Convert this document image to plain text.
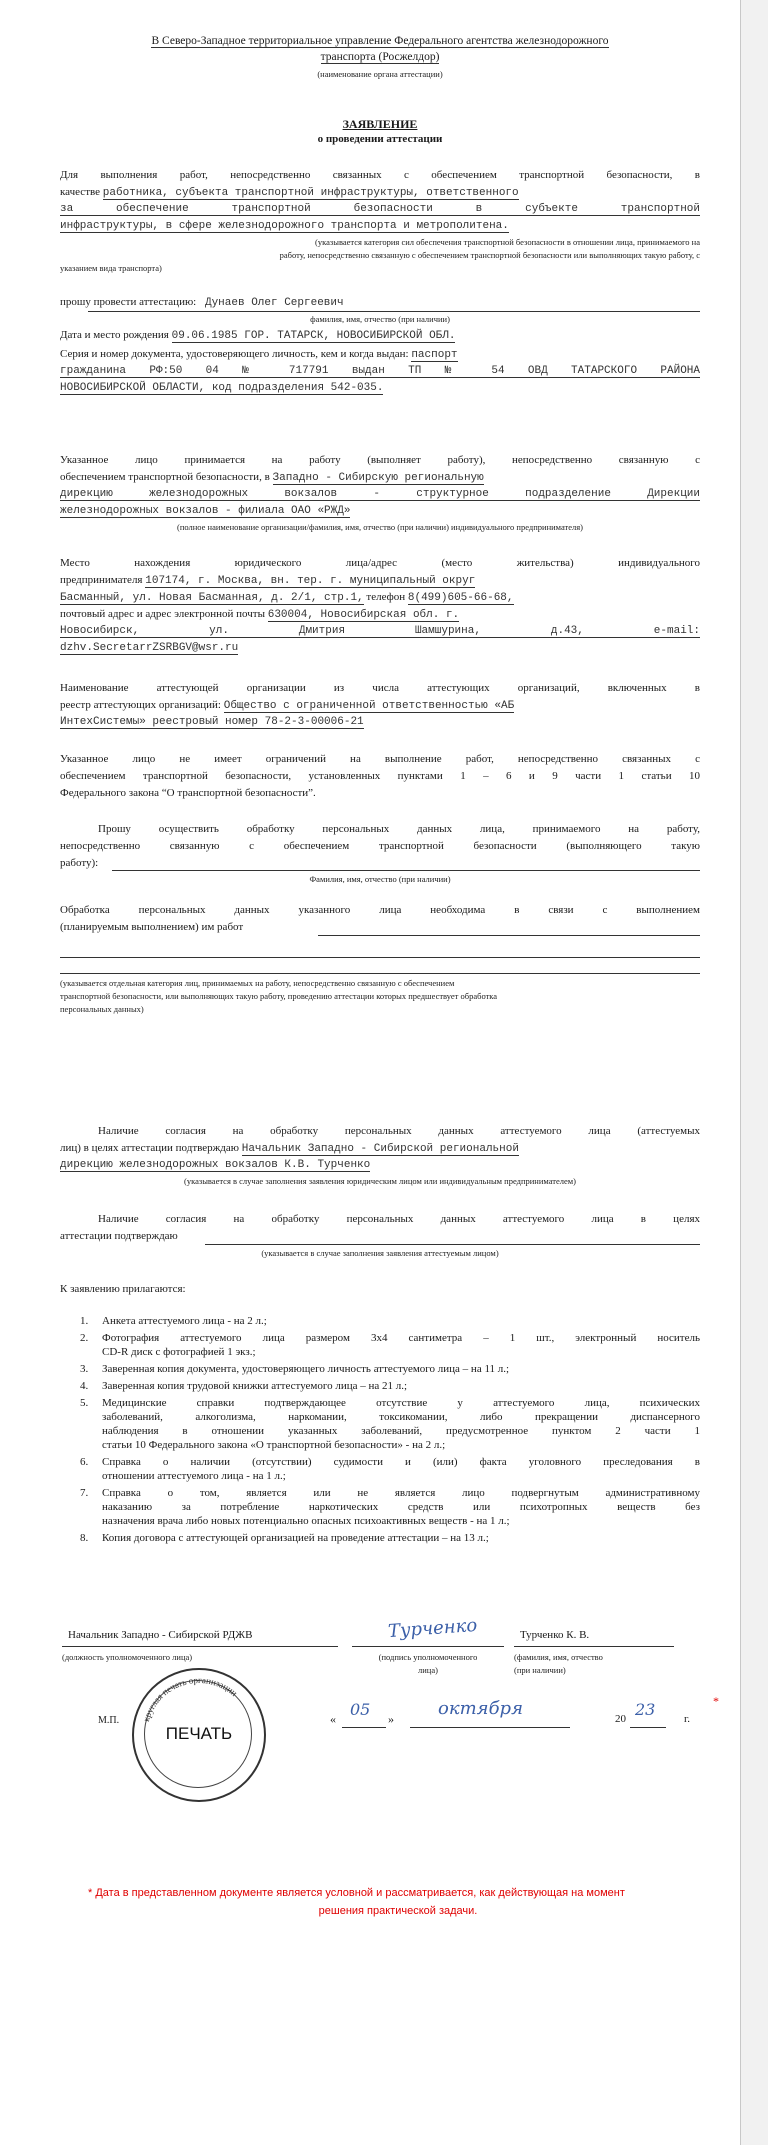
В Северо-Западное территориальное управление Федерального агентства железнодорожного
транспорта (Росжелдор)
(наименование органа аттестации)
ЗАЯВЛЕНИЕ
о проведении аттестации
Для выполнения работ, непосредственно связанных с обеспечением транспортной безопасности, в
качестве работника, субъекта транспортной инфраструктуры, ответственного
за обеспечение транспортной безопасности в субъекте транспортной
инфраструктуры, в сфере железнодорожного транспорта и метрополитена.
(указывается категория сил обеспечения транспортной безопасности в отношении лица, принимаемого на
работу, непосредственно связанную с обеспечением транспортной безопасности или выполняющих такую работу, с
указанием вида транспорта)
прошу провести аттестацию: Дунаев Олег Сергеевич
фамилия, имя, отчество (при наличии)
Дата и место рождения 09.06.1985 ГОР. ТАТАРСК, НОВОСИБИРСКОЙ ОБЛ.
Серия и номер документа, удостоверяющего личность, кем и когда выдан: паспорт
гражданина РФ:50 04 № 717791 выдан ТП № 54 ОВД ТАТАРСКОГО РАЙОНА
НОВОСИБИРСКОЙ ОБЛАСТИ, код подразделения 542-035.
Указанное лицо принимается на работу (выполняет работу), непосредственно связанную с
обеспечением транспортной безопасности, в Западно - Сибирскую региональную
дирекцию железнодорожных вокзалов - структурное подразделение Дирекции
железнодорожных вокзалов - филиала ОАО «РЖД»
(полное наименование организации/фамилия, имя, отчество (при наличии) индивидуального предпринимателя)
Место нахождения юридического лица/адрес (место жительства) индивидуального
предпринимателя 107174, г. Москва, вн. тер. г. муниципальный округ
Басманный, ул. Новая Басманная, д. 2/1, стр.1, телефон 8(499)605-66-68,
почтовый адрес и адрес электронной почты 630004, Новосибирская обл. г.
Новосибирск, ул. Дмитрия Шамшурина, д.43, e-mail:
dzhv.SecretarrZSRBGV@wsr.ru
Наименование аттестующей организации из числа аттестующих организаций, включенных в
реестр аттестующих организаций: Общество с ограниченной ответственностью «АБ
ИнтехСистемы» реестровый номер 78-2-3-00006-21
Указанное лицо не имеет ограничений на выполнение работ, непосредственно связанных с
обеспечением транспортной безопасности, установленных пунктами 1 – 6 и 9 части 1 статьи 10
Федерального закона “О транспортной безопасности”.
Прошу осуществить обработку персональных данных лица, принимаемого на работу,
непосредственно связанную с обеспечением транспортной безопасности (выполняющего такую
работу):
Фамилия, имя, отчество (при наличии)
Обработка персональных данных указанного лица необходима в связи с выполнением
(планируемым выполнением) им работ
(указывается отдельная категория лиц, принимаемых на работу, непосредственно связанную с обеспечением
транспортной безопасности, или выполняющих такую работу, проведению аттестации которых предшествует обработка
персональных данных)
Наличие согласия на обработку персональных данных аттестуемого лица (аттестуемых
лиц) в целях аттестации подтверждаю Начальник Западно - Сибирской региональной
дирекцию железнодорожных вокзалов К.В. Турченко
(указывается в случае заполнения заявления юридическим лицом или индивидуальным предпринимателем)
Наличие согласия на обработку персональных данных аттестуемого лица в целях
аттестации подтверждаю
(указывается в случае заполнения заявления аттестуемым лицом)
К заявлению прилагаются:
1. Анкета аттестуемого лица - на 2 л.;
2. Фотография аттестуемого лица размером 3х4 сантиметра – 1 шт., электронный носитель
CD-R диск с фотографией 1 экз.;
3. Заверенная копия документа, удостоверяющего личность аттестуемого лица – на 11 л.;
4. Заверенная копия трудовой книжки аттестуемого лица – на 21 л.;
5. Медицинские справки подтверждающее отсутствие у аттестуемого лица, психических
заболеваний, алкоголизма, наркомании, токсикомании, либо прекращении диспансерного
наблюдения в отношении указанных заболеваний, предусмотренное пунктом 2 части 1
статьи 10 Федерального закона «О транспортной безопасности» - на 2 л.;
6. Справка о наличии (отсутствии) судимости и (или) факта уголовного преследования в
отношении аттестуемого лица - на 1 л.;
7. Справка о том, является или не является лицо подвергнутым административному
наказанию за потребление наркотических средств или психотропных веществ без
назначения врача либо новых потенциально опасных психоактивных веществ - на 1 л.;
8. Копия договора с аттестующей организацией на проведение аттестации – на 13 л.;
Начальник Западно - Сибирской РДЖВ
(должность уполномоченного лица)
Турченко
(подпись уполномоченного
лица)
Турченко К. В.
(фамилия, имя, отчество
(при наличии)
М.П. круглая печать организации
ПЕЧАТЬ
« 05 » октября	20 23	г.
*
* Дата в представленном документе является условной и рассматривается, как действующая на момент
решения практической задачи.
